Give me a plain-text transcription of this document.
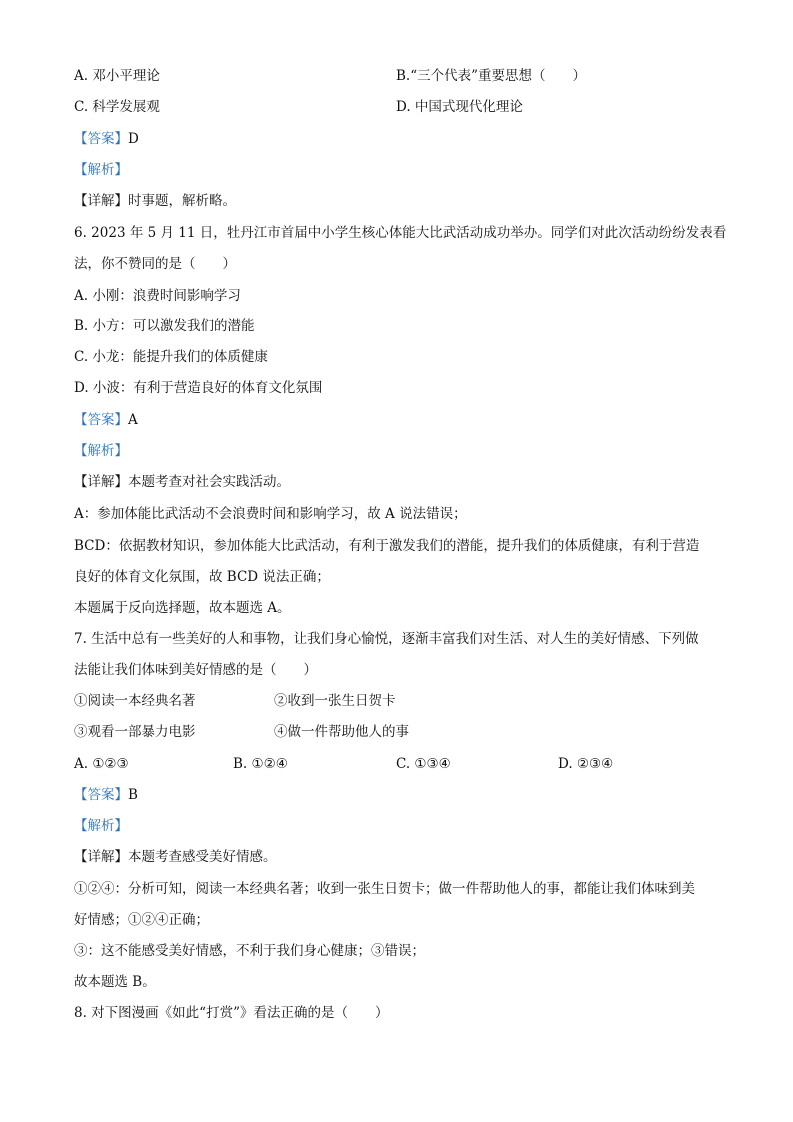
A. 邓小平理论	B.“三个代表”重要思想（　　）
C. 科学发展观	D. 中国式现代化理论
【答案】D
【解析】
【详解】时事题，解析略。
6. 2023 年 5 月 11 日，牡丹江市首届中小学生核心体能大比武活动成功举办。同学们对此次活动纷纷发表看
法，你不赞同的是（　　）
A. 小刚：浪费时间影响学习
B. 小方：可以激发我们的潜能
C. 小龙：能提升我们的体质健康
D. 小波：有利于营造良好的体育文化氛围
【答案】A
【解析】
【详解】本题考查对社会实践活动。
A：参加体能比武活动不会浪费时间和影响学习，故 A 说法错误；
BCD：依据教材知识，参加体能大比武活动，有利于激发我们的潜能，提升我们的体质健康，有利于营造
良好的体育文化氛围，故 BCD 说法正确；
本题属于反向选择题，故本题选 A。
7. 生活中总有一些美好的人和事物，让我们身心愉悦，逐渐丰富我们对生活、对人生的美好情感、下列做
法能让我们体味到美好情感的是（　　）
①阅读一本经典名著	②收到一张生日贺卡
③观看一部暴力电影	④做一件帮助他人的事
A. ①②③	B. ①②④	C. ①③④	D. ②③④
【答案】B
【解析】
【详解】本题考查感受美好情感。
①②④：分析可知，阅读一本经典名著；收到一张生日贺卡；做一件帮助他人的事，都能让我们体味到美
好情感；①②④正确；
③：这不能感受美好情感，不利于我们身心健康；③错误；
故本题选 B。
8. 对下图漫画《如此“打赏”》看法正确的是（　　）
